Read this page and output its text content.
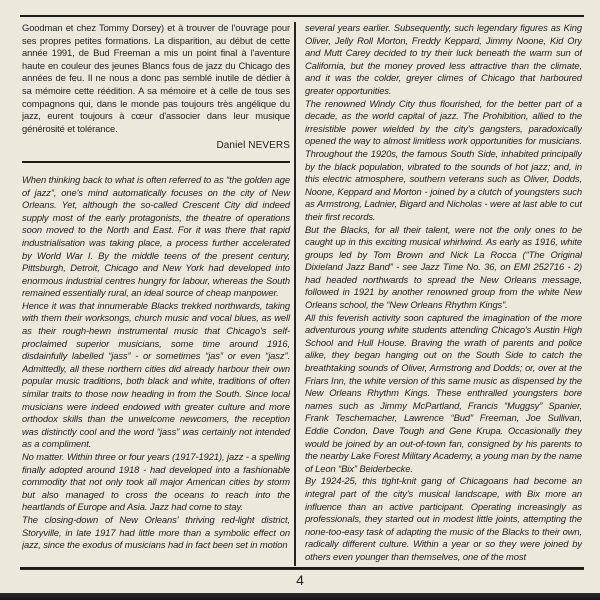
Goodman et chez Tommy Dorsey) et à trouver de l'ouvrage pour ses propres petites formations. La disparition, au début de cette année 1991, de Bud Freeman a mis un point final à l'aventure haute en couleur des jeunes Blancs fous de jazz du Chicago des années de feu. Il ne nous a donc pas semblé inutile de dédier à sa mémoire cette réédition. A sa mémoire et à celle de tous ses compagnons qui, dans le monde pas toujours très angélique du jazz, eurent toujours à cœur d'associer dans leur musique générosité et tolérance.

Daniel NEVERS

When thinking back to what is often referred to as “the golden age of jazz”, one's mind automatically focuses on the city of New Orleans. Yet, although the so-called Crescent City did indeed supply most of the early protagonists, the theatre of operations soon moved to the North and East. For it was there that rapid industrialisation was taking place, a process further accelerated by World War I. By the middle teens of the present century, Pittsburgh, Detroit, Chicago and New York had developed into enormous industrial centres hungry for labour, whereas the South remained essentially rural, an ideal source of cheap manpower.

Hence it was that innumerable Blacks trekked northwards, taking with them their worksongs, church music and vocal blues, as well as their rough-hewn instrumental music that Chicago's self-proclaimed superior musicians, some time around 1916, disdainfully labelled “jass” - or sometimes “jas” or even “jasz”. Admittedly, all these northern cities did already harbour their own popular music traditions, both black and white, traditions of often similar traits to those now heading in from the South. Since local musicians were indeed endowed with greater culture and more orthodox skills than the unwelcome newcomers, the reception was distinctly cool and the word “jass” was certainly not intended as a compliment.

No matter. Within three or four years (1917-1921), jazz - a spelling finally adopted around 1918 - had developed into a fashionable commodity that not only took all major American cities by storm but also managed to cross the oceans to reach into the heartlands of Europe and Asia. Jazz had come to stay.

The closing-down of New Orleans' thriving red-light district, Storyville, in late 1917 had little more than a symbolic effect on jazz, since the exodus of musicians had in fact been set in motion

several years earlier. Subsequently, such legendary figures as King Oliver, Jelly Roll Morton, Freddy Keppard, Jimmy Noone, Kid Ory and Mutt Carey decided to try their luck beneath the warm sun of California, but the money proved less attractive than the climate, and it was the colder, greyer climes of Chicago that harboured greater opportunities.

The renowned Windy City thus flourished, for the better part of a decade, as the world capital of jazz. The Prohibition, allied to the irresistible power wielded by the city's gangsters, paradoxically opened the way to almost limitless work opportunities for musicians. Throughout the 1920s, the famous South Side, inhabited principally by the black population, vibrated to the sounds of hot jazz; and, in this electric atmosphere, southern veterans such as Oliver, Dodds, Noone, Keppard and Morton - joined by a clutch of youngsters such as Armstrong, Ladnier, Bigard and Nicholas - were at last able to cut their first records.

But the Blacks, for all their talent, were not the only ones to be caught up in this exciting musical whirlwind. As early as 1916, white groups led by Tom Brown and Nick La Rocca (“The Original Dixieland Jazz Band” - see Jazz Time No. 36, on EMI 252716 - 2) had headed northwards to spread the New Orleans message, followed in 1921 by another renowned group from the white New Orleans school, the “New Orleans Rhythm Kings”.

All this feverish activity soon captured the imagination of the more adventurous young white students attending Chicago's Austin High School and Hull House. Braving the wrath of parents and police alike, they began hanging out on the South Side to catch the breathtaking sounds of Oliver, Armstrong and Dodds; or, over at the Friars Inn, the white version of this same music as dispensed by the New Orleans Rhythm Kings. These enthralled youngsters bore names such as Jimmy McPartland, Francis “Muggsy” Spanier, Frank Teschemacher, Lawrence “Bud” Freeman, Joe Sullivan, Eddie Condon, Dave Tough and Gene Krupa. Occasionally they would be joined by an out-of-town fan, consigned by his parents to the nearby Lake Forest Military Academy, a young man by the name of Leon “Bix” Beiderbecke.

By 1924-25, this tight-knit gang of Chicagoans had become an integral part of the city's musical landscape, with Bix more an influence than an active participant. Operating increasingly as professionals, they started out in modest little joints, attempting the none-too-easy task of adapting the music of the Blacks to their own, radically different culture. Within a year or so they were joined by others even younger than themselves, one of the most

4
